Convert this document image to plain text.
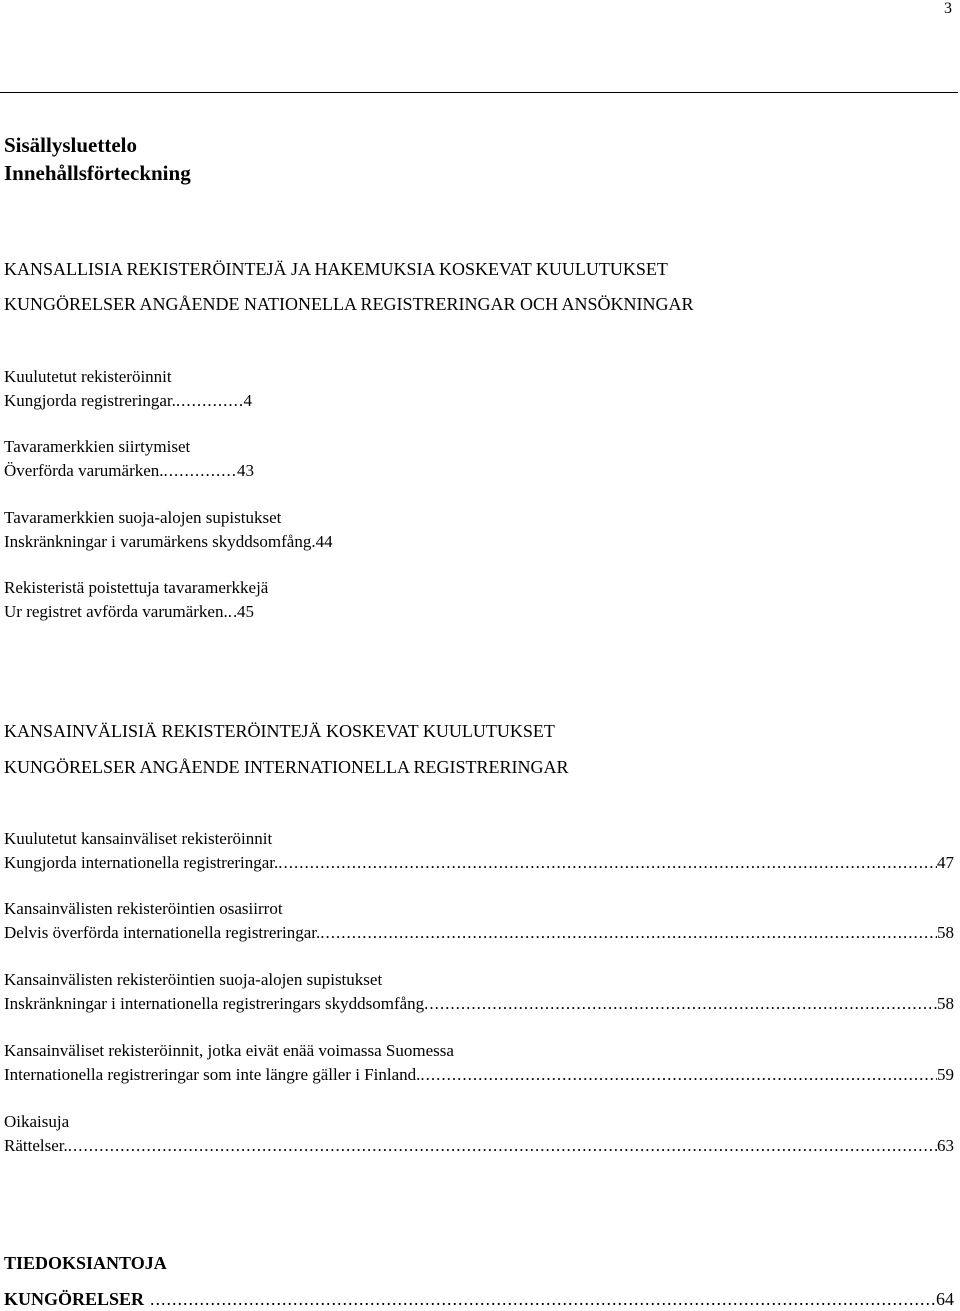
3
Sisällysluettelo
Innehållsförteckning
KANSALLISIA REKISTERÖINTEJÄ JA HAKEMUKSIA KOSKEVAT KUULUTUKSET
KUNGÖRELSER ANGÅENDE NATIONELLA REGISTRERINGAR OCH ANSÖKNINGAR
Kuulutetut rekisteröinnit
Kungjorda registreringar. .....	4
Tavaramerkkien siirtymiset
Överförda varumärken. .....	43
Tavaramerkkien suoja-alojen supistukset
Inskränkningar i varumärkens skyddsomfång. 44
Rekisteristä poistettuja tavaramerkkejä
Ur registret avförda varumärken. ..... 45
KANSAINVÄLISIÄ REKISTERÖINTEJÄ KOSKEVAT KUULUTUKSET
KUNGÖRELSER ANGÅENDE INTERNATIONELLA REGISTRERINGAR
Kuulutetut kansainväliset rekisteröinnit
Kungjorda internationella registreringar. .....	47
Kansainvälisten rekisteröintien osasiirrot
Delvis överförda internationella registreringar. .....	58
Kansainvälisten rekisteröintien suoja-alojen supistukset
Inskränkningar i internationella registreringars skyddsomfång .....	58
Kansainväliset rekisteröinnit, jotka eivät enää voimassa Suomessa
Internationella registreringar som inte längre gäller i Finland. .....	59
Oikaisuja
Rättelser. .....	63
TIEDOKSIANTOJA
KUNGÖRELSER .....	64
